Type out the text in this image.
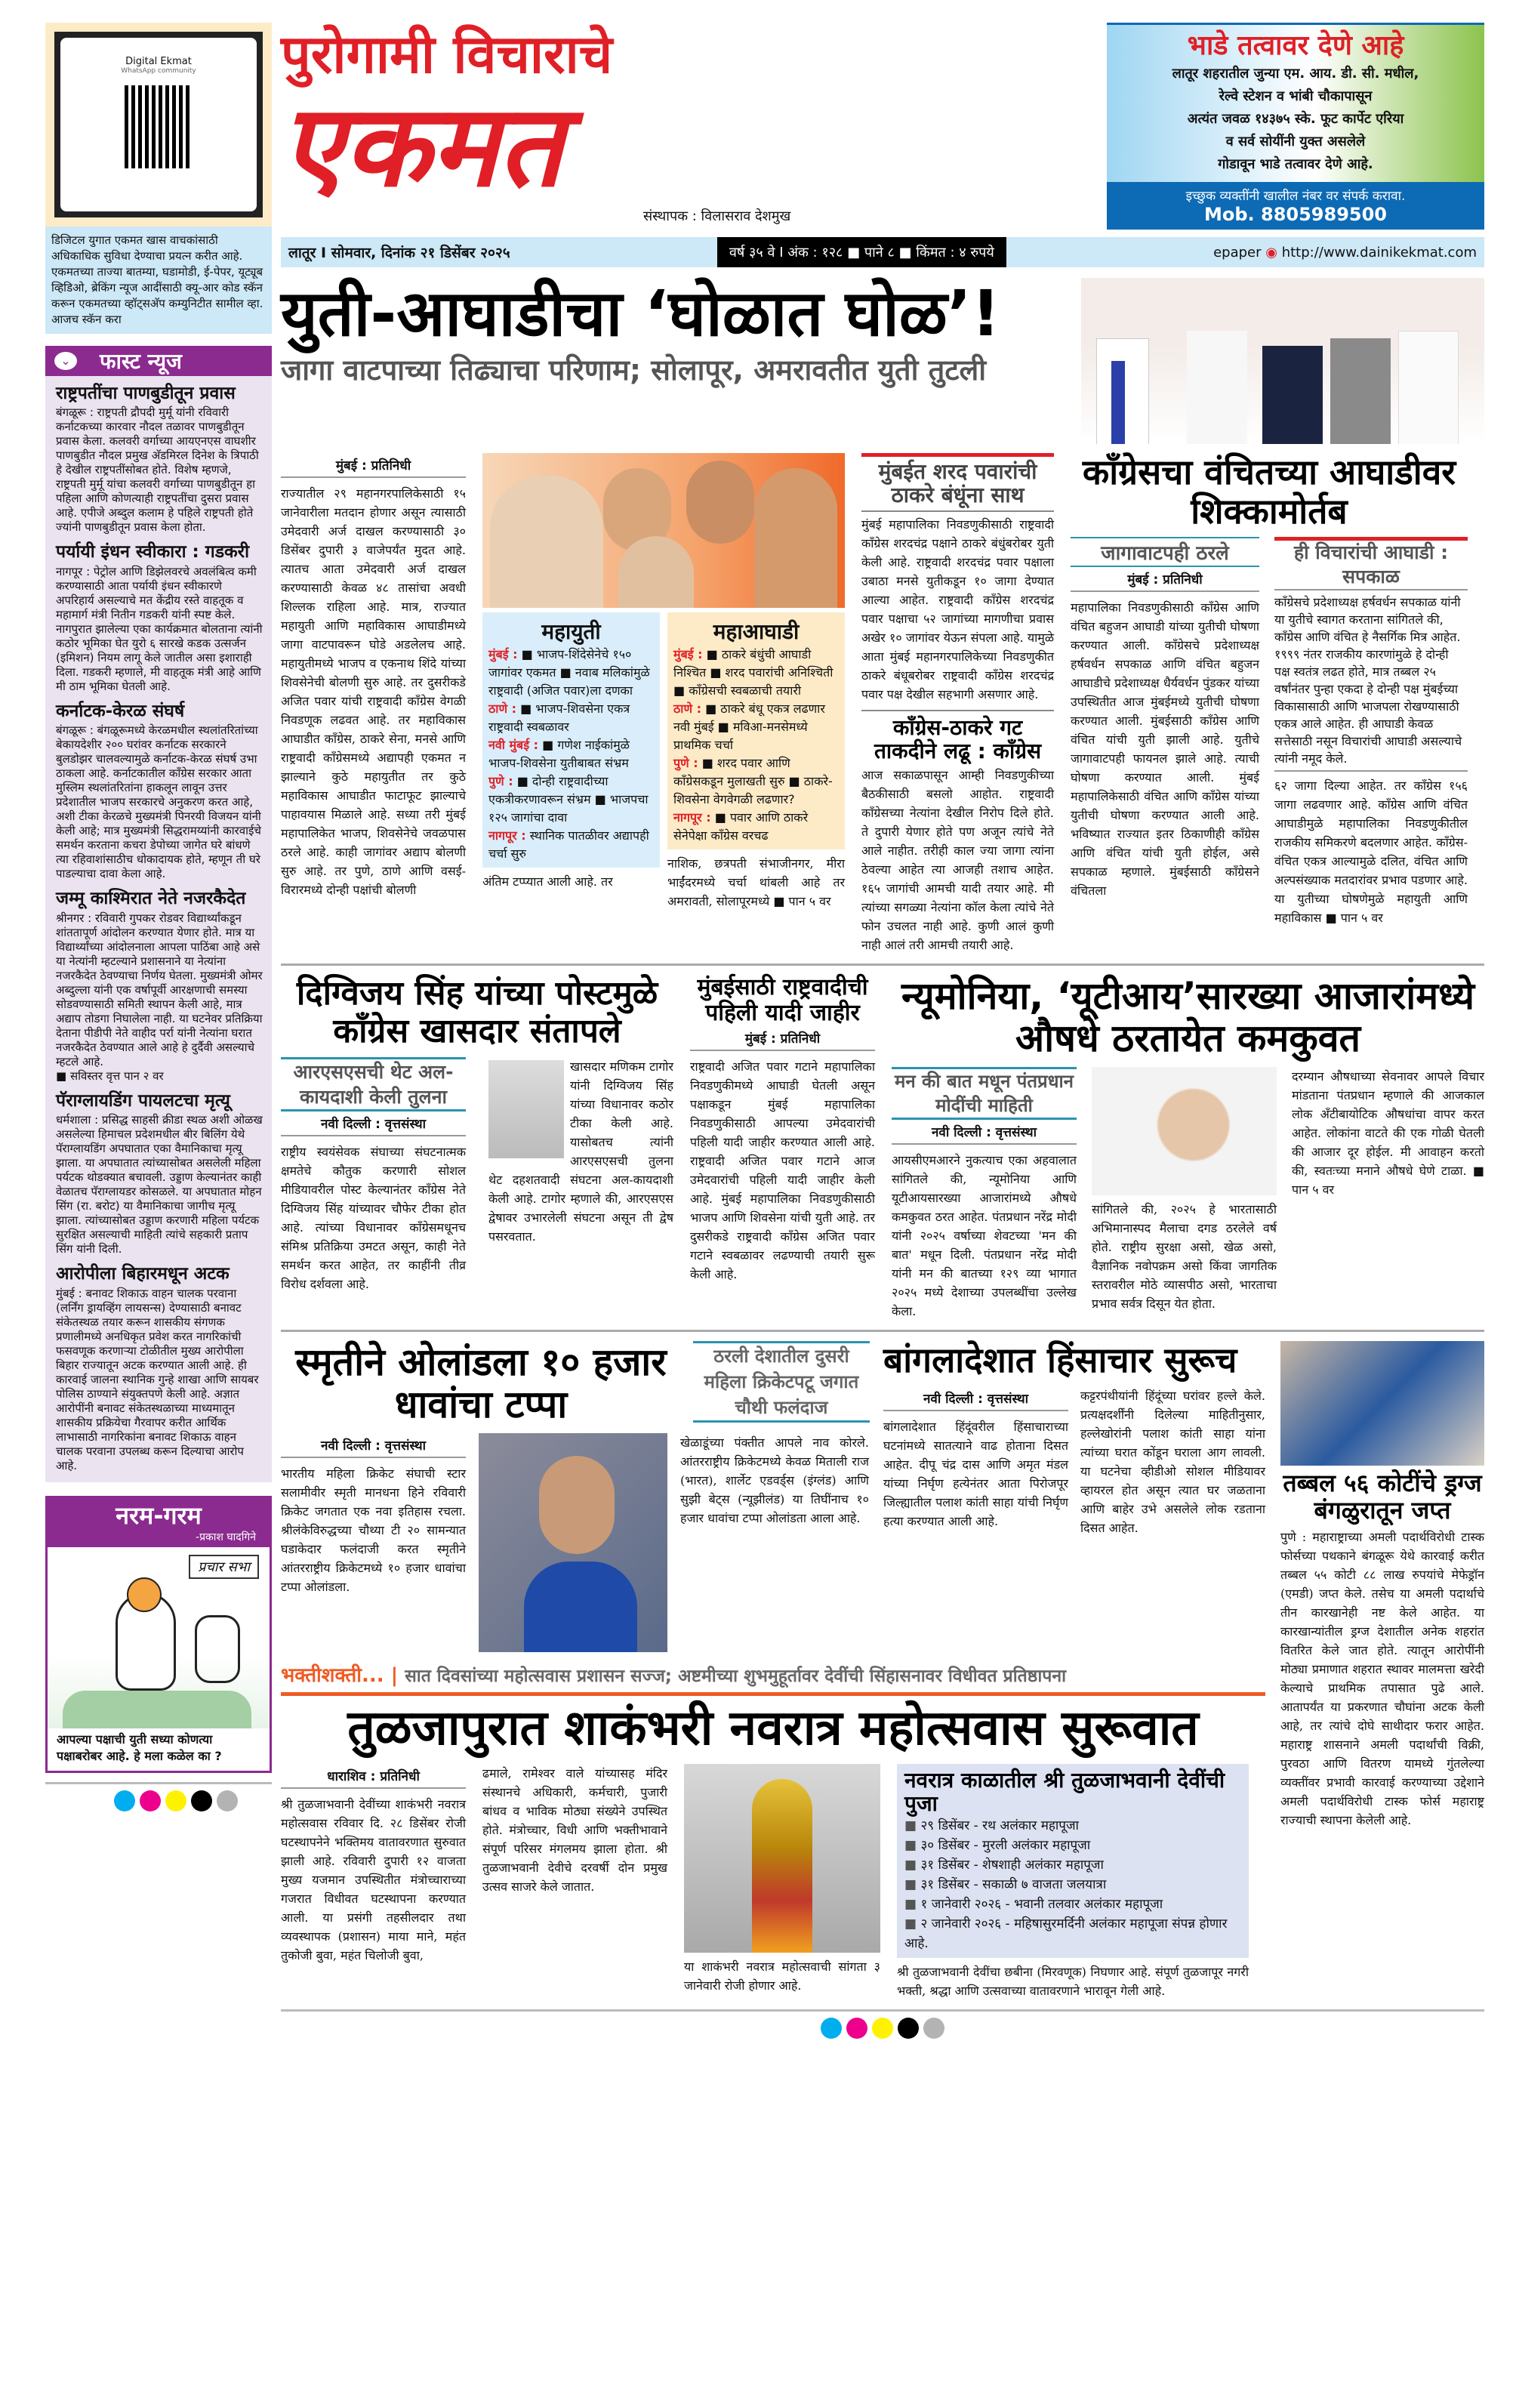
Digital Ekmat
WhatsApp community
डिजिटल युगात एकमत खास वाचकांसाठी अधिकाधिक सुविधा देण्याचा प्रयत्न करीत आहे. एकमतच्या ताज्या बातम्या, घडामोडी, ई-पेपर, यूट्यूब व्हिडिओ, ब्रेकिंग न्यूज आदींसाठी क्यू-आर कोड स्कॅन करून एकमतच्या व्हॉट्सअ‍ॅप कम्युनिटीत सामील व्हा. आजच स्कॅन करा
⌄ फास्ट न्यूज
राष्ट्रपतींचा पाणबुडीतून प्रवास

बंगळूरू : राष्ट्रपती द्रौपदी मुर्मू यांनी रविवारी कर्नाटकच्या कारवार नौदल तळावर पाणबुडीतून प्रवास केला. कलवरी वर्गाच्या आयएनएस वाघशीर पाणबुडीत नौदल प्रमुख अ‍ॅडमिरल दिनेश के त्रिपाठी हे देखील राष्ट्रपतींसोबत होते. विशेष म्हणजे, राष्ट्रपती मुर्मू यांचा कलवरी वर्गाच्या पाणबुडीतून हा पहिला आणि कोणत्याही राष्ट्रपतींचा दुसरा प्रवास आहे. एपीजे अब्दुल कलाम हे पहिले राष्ट्रपती होते ज्यांनी पाणबुडीतून प्रवास केला होता.

पर्यायी इंधन स्वीकारा : गडकरी

नागपूर : पेट्रोल आणि डिझेलवरचे अवलंबित्व कमी करण्यासाठी आता पर्यायी इंधन स्वीकारणे अपरिहार्य असल्याचे मत केंद्रीय रस्ते वाहतूक व महामार्ग मंत्री नितीन गडकरी यांनी स्पष्ट केले. नागपुरात झालेल्या एका कार्यक्रमात बोलताना त्यांनी कठोर भूमिका घेत युरो ६ सारखे कडक उत्सर्जन (इमिशन) नियम लागू केले जातील असा इशाराही दिला. गडकरी म्हणाले, मी वाहतूक मंत्री आहे आणि मी ठाम भूमिका घेतली आहे.

कर्नाटक-केरळ संघर्ष

बंगळूरू : बंगळूरूमध्ये केरळमधील स्थलांतरितांच्या बेकायदेशीर २०० घरांवर कर्नाटक सरकारने बुलडोझर चालवल्यामुळे कर्नाटक-केरळ संघर्ष उभा ठाकला आहे. कर्नाटकातील कॉंग्रेस सरकार आता मुस्लिम स्थलांतरितांना हाकलून लावून उत्तर प्रदेशातील भाजप सरकारचे अनुकरण करत आहे, अशी टीका केरळचे मुख्यमंत्री पिनरयी विजयन यांनी केली आहे; मात्र मुख्यमंत्री सिद्धरामय्यांनी कारवाईचे समर्थन करताना कचरा डेपोच्या जागेत घरे बांधणे त्या रहिवाशांसाठीच धोकादायक होते, म्हणून ती घरे पाडल्याचा दावा केला आहे.

जम्मू काश्मिरात नेते नजरकैदेत

श्रीनगर : रविवारी गुपकर रोडवर विद्यार्थ्यांकडून शांततापूर्ण आंदोलन करण्यात येणार होते. मात्र या विद्यार्थ्यांच्या आंदोलनाला आपला पाठिंबा आहे असे या नेत्यांनी म्हटल्याने प्रशासनाने या नेत्यांना नजरकैदेत ठेवण्याचा निर्णय घेतला. मुख्यमंत्री ओमर अब्दुल्ला यांनी एक वर्षापूर्वी आरक्षणाची समस्या सोडवण्यासाठी समिती स्थापन केली आहे, मात्र अद्याप तोडगा निघालेला नाही. या घटनेवर प्रतिक्रिया देताना पीडीपी नेते वाहीद पर्रा यांनी नेत्यांना घरात नजरकैदेत ठेवण्यात आले आहे हे दुर्दैवी असल्याचे म्हटले आहे.

■ सविस्तर वृत्त पान २ वर

पॅराग्लायडिंग पायलटचा मृत्यू

धर्मशाला : प्रसिद्ध साहसी क्रीडा स्थळ अशी ओळख असलेल्या हिमाचल प्रदेशमधील बीर बिलिंग येथे पॅराग्लायडिंग अपघातात एका वैमानिकाचा मृत्यू झाला. या अपघातात त्यांच्यासोबत असलेली महिला पर्यटक थोडक्यात बचावली. उड्डाण केल्यानंतर काही वेळातच पॅराग्लायडर कोसळले. या अपघातात मोहन सिंग (रा. बरोट) या वैमानिकाचा जागीच मृत्यू झाला. त्यांच्यासोबत उड्डाण करणारी महिला पर्यटक सुरक्षित असल्याची माहिती त्यांचे सहकारी प्रताप सिंग यांनी दिली.

आरोपीला बिहारमधून अटक

मुंबई : बनावट शिकाऊ वाहन चालक परवाना (लर्निंग ड्रायव्हिंग लायसन्स) देण्यासाठी बनावट संकेतस्थळ तयार करून शासकीय संगणक प्रणालीमध्ये अनधिकृत प्रवेश करत नागरिकांची फसवणूक करणाऱ्या टोळीतील मुख्य आरोपीला बिहार राज्यातून अटक करण्यात आली आहे. ही कारवाई जालना स्थानिक गुन्हे शाखा आणि सायबर पोलिस ठाण्याने संयुक्तपणे केली आहे. अज्ञात आरोपींनी बनावट संकेतस्थळाच्या माध्यमातून शासकीय प्रक्रियेचा गैरवापर करीत आर्थिक लाभासाठी नागरिकांना बनावट शिकाऊ वाहन चालक परवाना उपलब्ध करून दिल्याचा आरोप आहे.

नरम-गरम
-प्रकाश घादगिने
प्रचार सभा
आपल्या पक्षाची युती सध्या कोणत्या पक्षाबरोबर आहे. हे मला कळेल का ?
पुरोगामी विचाराचे
एकमत
संस्थापक : विलासराव देशमुख
भाडे तत्वावर देणे आहे
लातूर शहरातील जुन्या एम. आय. डी. सी. मधील,
रेल्वे स्टेशन व भांबी चौकापासून
अत्यंत जवळ १४३७५ स्के. फूट कार्पेट एरिया
व सर्व सोयींनी युक्त असलेले
गोडावून भाडे तत्वावर देणे आहे.
इच्छुक व्यक्तींनी खालील नंबर वर संपर्क करावा.
Mob. 8805989500
लातूर I सोमवार, दिनांक २१ डिसेंबर २०२५	वर्ष ३५ वे I अंक : १२८ ■ पाने ८ ■ किंमत : ४ रुपये	epaper ◉ http://www.dainikekmat.com
युती-आघाडीचा ‘घोळात घोळ’!
जागा वाटपाच्या तिढ्याचा परिणाम; सोलापूर, अमरावतीत युती तुटली
मुंबई : प्रतिनिधी
राज्यातील २९ महानगरपालिकेसाठी १५ जानेवारीला मतदान होणार असून त्यासाठी उमेदवारी अर्ज दाखल करण्यासाठी ३० डिसेंबर दुपारी ३ वाजेपर्यंत मुदत आहे. त्यातच आता उमेदवारी अर्ज दाखल करण्यासाठी केवळ ४८ तासांचा अवधी शिल्लक राहिला आहे. मात्र, राज्यात महायुती आणि महाविकास आघाडीमध्ये जागा वाटपावरून घोडे अडलेलच आहे. महायुतीमध्ये भाजप व एकनाथ शिंदे यांच्या शिवसेनेची बोलणी सुरु आहे. तर दुसरीकडे अजित पवार यांची राष्ट्रवादी कॉंग्रेस वेगळी निवडणूक लढवत आहे. तर महाविकास आघाडीत कॉंग्रेस, ठाकरे सेना, मनसे आणि राष्ट्रवादी कॉंग्रेसमध्ये अद्यापही एकमत न झाल्याने कुठे महायुतीत तर कुठे महाविकास आघाडीत फाटाफूट झाल्याचे पाहावयास मिळाले आहे. सध्या तरी मुंबई महापालिकेत भाजप, शिवसेनेचे जवळपास ठरले आहे. काही जागांवर अद्याप बोलणी सुरु आहे. तर पुणे, ठाणे आणि वसई-विरारमध्ये दोन्ही पक्षांची बोलणी
महायुती
मुंबई : ■ भाजप-शिंदेसेनेचे १५० जागांवर एकमत ■ नवाब मलिकांमुळे राष्ट्रवादी (अजित पवार)ला दणका
ठाणे : ■ भाजप-शिवसेना एकत्र राष्ट्रवादी स्वबळावर
नवी मुंबई : ■ गणेश नाईकांमुळे भाजप-शिवसेना युतीबाबत संभ्रम
पुणे : ■ दोन्ही राष्ट्रवादीच्या एकत्रीकरणावरून संभ्रम ■ भाजपचा १२५ जागांचा दावा
नागपूर : स्थानिक पातळीवर अद्यापही चर्चा सुरु
अंतिम टप्प्यात आली आहे. तर
महाआघाडी
मुंबई : ■ ठाकरे बंधुंची आघाडी निश्चित ■ शरद पवारांची अनिश्चिती ■ कॉंग्रेसची स्वबळाची तयारी
ठाणे : ■ ठाकरे बंधू एकत्र लढणार नवी मुंबई ■ मविआ-मनसेमध्ये प्राथमिक चर्चा
पुणे : ■ शरद पवार आणि कॉंग्रेसकडून मुलाखती सुरु ■ ठाकरे-शिवसेना वेगवेगळी लढणार?
नागपूर : ■ पवार आणि ठाकरे सेनेपेक्षा कॉंग्रेस वरचढ
नाशिक, छत्रपती संभाजीनगर, मीरा भाईंदरमध्ये चर्चा थांबली आहे तर अमरावती, सोलापूरमध्ये ■ पान ५ वर
मुंबईत शरद पवारांची ठाकरे बंधूंना साथ
मुंबई महापालिका निवडणुकीसाठी राष्ट्रवादी कॉंग्रेस शरदचंद्र पक्षाने ठाकरे बंधुंबरोबर युती केली आहे. राष्ट्रवादी शरदचंद्र पवार पक्षाला उबाठा मनसे युतीकडून १० जागा देण्यात आल्या आहेत. राष्ट्रवादी कॉंग्रेस शरदचंद्र पवार पक्षाचा ५२ जागांच्या मागणीचा प्रवास अखेर १० जागांवर येऊन संपला आहे. यामुळे आता मुंबई महानगरपालिकेच्या निवडणुकीत ठाकरे बंधूबरोबर राष्ट्रवादी कॉंग्रेस शरदचंद्र पवार पक्ष देखील सहभागी असणार आहे.
कॉंग्रेस-ठाकरे गट ताकदीने लढू : कॉंग्रेस
आज सकाळपासून आम्ही निवडणुकीच्या बैठकीसाठी बसलो आहोत. राष्ट्रवादी कॉंग्रेसच्या नेत्यांना देखील निरोप दिले होते. ते दुपारी येणार होते पण अजून त्यांचे नेते आले नाहीत. तरीही काल ज्या जागा त्यांना ठेवल्या आहेत त्या आजही तशाच आहेत. १६५ जागांची आमची यादी तयार आहे. मी त्यांच्या सगळ्या नेत्यांना कॉल केला त्यांचे नेते फोन उचलत नाही आहे. कुणी आलं कुणी नाही आलं तरी आमची तयारी आहे.
कॉंग्रेसचा वंचितच्या आघाडीवर शिक्कामोर्तब
जागावाटपही ठरले
मुंबई : प्रतिनिधी
महापालिका निवडणुकीसाठी कॉंग्रेस आणि वंचित बहुजन आघाडी यांच्या युतीची घोषणा करण्यात आली. कॉंग्रेसचे प्रदेशाध्यक्ष हर्षवर्धन सपकाळ आणि वंचित बहुजन आघाडीचे प्रदेशाध्यक्ष धैर्यवर्धन पुंडकर यांच्या उपस्थितीत आज मुंबईमध्ये युतीची घोषणा करण्यात आली. मुंबईसाठी कॉंग्रेस आणि वंचित यांची युती झाली आहे. युतीचे जागावाटपही फायनल झाले आहे. त्याची घोषणा करण्यात आली. मुंबई महापालिकेसाठी वंचित आणि कॉंग्रेस यांच्या युतीची घोषणा करण्यात आली आहे. भविष्यात राज्यात इतर ठिकाणीही कॉंग्रेस आणि वंचित यांची युती होईल, असे सपकाळ म्हणाले. मुंबईसाठी कॉंग्रेसने वंचितला
ही विचारांची आघाडी : सपकाळ
कॉंग्रेसचे प्रदेशाध्यक्ष हर्षवर्धन सपकाळ यांनी या युतीचे स्वागत करताना सांगितले की, कॉंग्रेस आणि वंचित हे नैसर्गिक मित्र आहेत. १९९९ नंतर राजकीय कारणांमुळे हे दोन्ही पक्ष स्वतंत्र लढत होते, मात्र तब्बल २५ वर्षांनंतर पुन्हा एकदा हे दोन्ही पक्ष मुंबईच्या विकासासाठी आणि भाजपला रोखण्यासाठी एकत्र आले आहेत. ही आघाडी केवळ सत्तेसाठी नसून विचारांची आघाडी असल्याचे त्यांनी नमूद केले.
६२ जागा दिल्या आहेत. तर कॉंग्रेस १५६ जागा लढवणार आहे. कॉंग्रेस आणि वंचित आघाडीमुळे महापालिका निवडणुकीतील राजकीय समिकरणे बदलणार आहेत. कॉंग्रेस-वंचित एकत्र आल्यामुळे दलित, वंचित आणि अल्पसंख्याक मतदारांवर प्रभाव पडणार आहे. या युतीच्या घोषणेमुळे महायुती आणि महाविकास ■ पान ५ वर
दिग्विजय सिंह यांच्या पोस्टमुळे कॉंग्रेस खासदार संतापले
आरएसएसची थेट अल-कायदाशी केली तुलना
नवी दिल्ली : वृत्तसंस्था
राष्ट्रीय स्वयंसेवक संघाच्या संघटनात्मक क्षमतेचे कौतुक करणारी सोशल मीडियावरील पोस्ट केल्यानंतर कॉंग्रेस नेते दिग्विजय सिंह यांच्यावर चौफेर टीका होत आहे. त्यांच्या विधानावर कॉंग्रेसमधूनच संमिश्र प्रतिक्रिया उमटत असून, काही नेते समर्थन करत आहेत, तर काहींनी तीव्र विरोध दर्शवला आहे.
खासदार मणिकम टागोर यांनी दिग्विजय सिंह यांच्या विधानावर कठोर टीका केली आहे. यासोबतच त्यांनी आरएसएसची तुलना थेट दहशतवादी संघटना अल-कायदाशी केली आहे. टागोर म्हणाले की, आरएसएस द्वेषावर उभारलेली संघटना असून ती द्वेष पसरवतात.
मुंबईसाठी राष्ट्रवादीची पहिली यादी जाहीर
मुंबई : प्रतिनिधी
राष्ट्रवादी अजित पवार गटाने महापालिका निवडणुकीमध्ये आघाडी घेतली असून पक्षाकडून मुंबई महापालिका निवडणुकीसाठी आपल्या उमेदवारांची पहिली यादी जाहीर करण्यात आली आहे. राष्ट्रवादी अजित पवार गटाने आज उमेदवारांची पहिली यादी जाहीर केली आहे. मुंबई महापालिका निवडणुकीसाठी भाजप आणि शिवसेना यांची युती आहे. तर दुसरीकडे राष्ट्रवादी कॉंग्रेस अजित पवार गटाने स्वबळावर लढण्याची तयारी सुरू केली आहे.
न्यूमोनिया, ‘यूटीआय’सारख्या आजारांमध्ये औषधे ठरतायेत कमकुवत
मन की बात मधून पंतप्रधान मोदींची माहिती
नवी दिल्ली : वृत्तसंस्था
आयसीएमआरने नुकत्याच एका अहवालात सांगितले की, न्यूमोनिया आणि यूटीआयसारख्या आजारांमध्ये औषधे कमकुवत ठरत आहेत. पंतप्रधान नरेंद्र मोदी यांनी २०२५ वर्षाच्या शेवटच्या 'मन की बात' मधून दिली. पंतप्रधान नरेंद्र मोदी यांनी मन की बातच्या १२९ व्या भागात २०२५ मध्ये देशाच्या उपलब्धींचा उल्लेख केला.
सांगितले की, २०२५ हे भारतासाठी अभिमानास्पद मैलाचा दगड ठरलेले वर्ष होते. राष्ट्रीय सुरक्षा असो, खेळ असो, वैज्ञानिक नवोपक्रम असो किंवा जागतिक स्तरावरील मोठे व्यासपीठ असो, भारताचा प्रभाव सर्वत्र दिसून येत होता.
दरम्यान औषधाच्या सेवनावर आपले विचार मांडताना पंतप्रधान म्हणाले की आजकाल लोक अँटीबायोटिक औषधांचा वापर करत आहेत. लोकांना वाटते की एक गोळी घेतली की आजार दूर होईल. मी आवाहन करतो की, स्वतःच्या मनाने औषधे घेणे टाळा. ■ पान ५ वर
स्मृतीने ओलांडला १० हजार धावांचा टप्पा
ठरली देशातील दुसरी महिला क्रिकेटपटू जगात चौथी फलंदाज
नवी दिल्ली : वृत्तसंस्था
भारतीय महिला क्रिकेट संघाची स्टार सलामीवीर स्मृती मानधना हिने रविवारी क्रिकेट जगतात एक नवा इतिहास रचला. श्रीलंकेविरुद्धच्या चौथ्या टी २० सामन्यात घडाकेदार फलंदाजी करत स्मृतीने आंतरराष्ट्रीय क्रिकेटमध्ये १० हजार धावांचा टप्पा ओलांडला.
खेळाडूंच्या पंक्तीत आपले नाव कोरले. आंतरराष्ट्रीय क्रिकेटमध्ये केवळ मिताली राज (भारत), शार्लेट एडवर्ड्स (इंग्लंड) आणि सुझी बेट्स (न्यूझीलंड) या तिघींनाच १० हजार धावांचा टप्पा ओलांडता आला आहे.
बांगलादेशात हिंसाचार सुरूच
नवी दिल्ली : वृत्तसंस्था
बांगलादेशात हिंदूंवरील हिंसाचाराच्या घटनांमध्ये सातत्याने वाढ होताना दिसत आहेत. दीपू चंद्र दास आणि अमृत मंडल यांच्या निर्घृण हत्येनंतर आता पिरोजपूर जिल्ह्यातील पलाश कांती साहा यांची निर्घृण हत्या करण्यात आली आहे.
कट्टरपंथीयांनी हिंदूंच्या घरांवर हल्ले केले. प्रत्यक्षदर्शींनी दिलेल्या माहितीनुसार, हल्लेखोरांनी पलाश कांती साहा यांना त्यांच्या घरात कोंडून घराला आग लावली. या घटनेचा व्हीडीओ सोशल मीडियावर व्हायरल होत असून त्यात घर जळताना आणि बाहेर उभे असलेले लोक रडताना दिसत आहेत.
भक्तीशक्ती... | सात दिवसांच्या महोत्सवास प्रशासन सज्ज; अष्टमीच्या शुभमुहूर्तावर देवींची सिंहासनावर विधीवत प्रतिष्ठापना
तुळजापुरात शाकंभरी नवरात्र महोत्सवास सुरूवात
धाराशिव : प्रतिनिधी
श्री तुळजाभवानी देवींच्या शाकंभरी नवरात्र महोत्सवास रविवार दि. २८ डिसेंबर रोजी घटस्थापनेने भक्तिमय वातावरणात सुरुवात झाली आहे. रविवारी दुपारी १२ वाजता मुख्य यजमान उपस्थितीत मंत्रोच्चाराच्या गजरात विधीवत घटस्थापना करण्यात आली. या प्रसंगी तहसीलदार तथा व्यवस्थापक (प्रशासन) माया माने, महंत तुकोजी बुवा, महंत चिलोजी बुवा,
ढमाले, रामेश्वर वाले यांच्यासह मंदिर संस्थानचे अधिकारी, कर्मचारी, पुजारी बांधव व भाविक मोठ्या संख्येने उपस्थित होते. मंत्रोच्चार, विधी आणि भक्तीभावाने संपूर्ण परिसर मंगलमय झाला होता. श्री तुळजाभवानी देवीचे दरवर्षी दोन प्रमुख उत्सव साजरे केले जातात.
या शाकंभरी नवरात्र महोत्सवाची सांगता ३ जानेवारी रोजी होणार आहे.
नवरात्र काळातील श्री तुळजाभवानी देवींची पुजा
■ २९ डिसेंबर - रथ अलंकार महापूजा
■ ३० डिसेंबर - मुरली अलंकार महापूजा
■ ३१ डिसेंबर - शेषशाही अलंकार महापूजा
■ ३१ डिसेंबर - सकाळी ७ वाजता जलयात्रा
■ १ जानेवारी २०२६ - भवानी तलवार अलंकार महापूजा
■ २ जानेवारी २०२६ - महिषासुरमर्दिनी अलंकार महापूजा संपन्न होणार आहे.
श्री तुळजाभवानी देवींचा छबीना (मिरवणूक) निघणार आहे. संपूर्ण तुळजापूर नगरी भक्ती, श्रद्धा आणि उत्सवाच्या वातावरणाने भारावून गेली आहे.
तब्बल ५६ कोटींचे ड्रग्ज बंगळुरातून जप्त
पुणे : महाराष्ट्राच्या अमली पदार्थविरोधी टास्क फोर्सच्या पथकाने बंगळूरू येथे कारवाई करीत तब्बल ५५ कोटी ८८ लाख रुपयांचे मेफेड्रॉन (एमडी) जप्त केले. तसेच या अमली पदार्थाचे तीन कारखानेही नष्ट केले आहेत. या कारखान्यांतील ड्रग्ज देशातील अनेक शहरांत वितरित केले जात होते. त्यातून आरोपींनी मोठ्या प्रमाणात शहरात स्थावर मालमत्ता खरेदी केल्याचे प्राथमिक तपासात पुढे आले. आतापर्यंत या प्रकरणात चौघांना अटक केली आहे, तर त्यांचे दोघे साथीदार फरार आहेत. महाराष्ट्र शासनाने अमली पदार्थांची विक्री, पुरवठा आणि वितरण यामध्ये गुंतलेल्या व्यक्तींवर प्रभावी कारवाई करण्याच्या उद्देशाने अमली पदार्थविरोधी टास्क फोर्स महाराष्ट्र राज्याची स्थापना केलेली आहे.
